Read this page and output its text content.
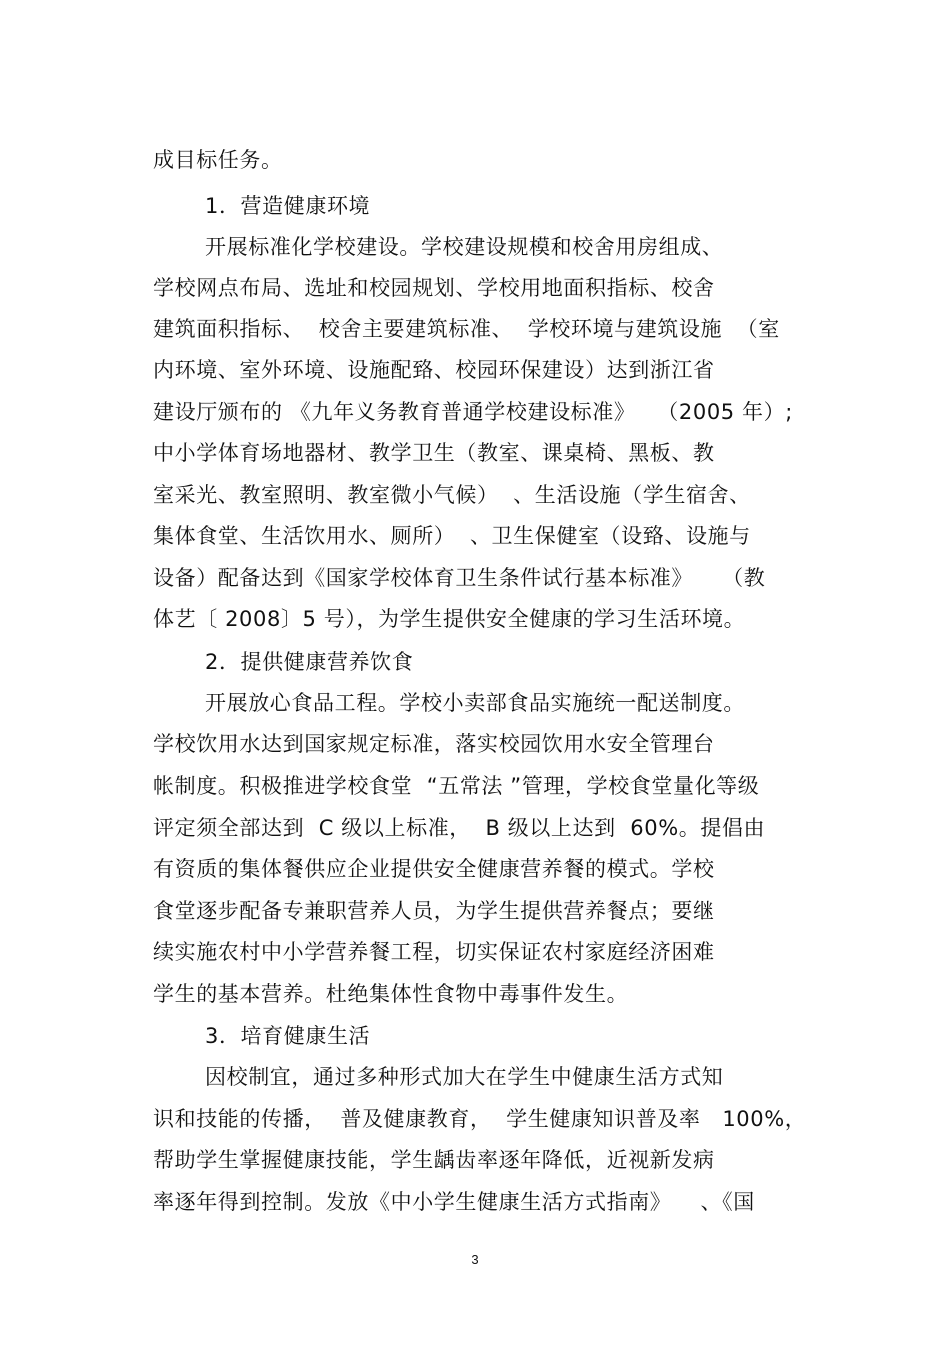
成目标任务。
1．营造健康环境
开展标准化学校建设。学校建设规模和校舍用房组成、
学校网点布局、选址和校园规划、学校用地面积指标、校舍
建筑面积指标、  校舍主要建筑标准、  学校环境与建筑设施  （室
内环境、室外环境、设施配臵、校园环保建设）达到浙江省
建设厅颁布的 《九年义务教育普通学校建设标准》   （2005 年）;
中小学体育场地器材、教学卫生（教室、课桌椅、黑板、教
室采光、教室照明、教室微小气候）  、生活设施（学生宿舍、
集体食堂、生活饮用水、厕所）  、卫生保健室（设臵、设施与
设备）配备达到《国家学校体育卫生条件试行基本标准》    （教
体艺〔 2008〕5 号），为学生提供安全健康的学习生活环境。
2．提供健康营养饮食
开展放心食品工程。学校小卖部食品实施统一配送制度。
学校饮用水达到国家规定标准，落实校园饮用水安全管理台
帐制度。积极推进学校食堂  “五常法 ”管理，学校食堂量化等级
评定须全部达到  C 级以上标准，  B 级以上达到  60%。提倡由
有资质的集体餐供应企业提供安全健康营养餐的模式。学校
食堂逐步配备专兼职营养人员，为学生提供营养餐点；要继
续实施农村中小学营养餐工程，切实保证农村家庭经济困难
学生的基本营养。杜绝集体性食物中毒事件发生。
3．培育健康生活
因校制宜，通过多种形式加大在学生中健康生活方式知
识和技能的传播，  普及健康教育，  学生健康知识普及率   100%，
帮助学生掌握健康技能，学生龋齿率逐年降低，近视新发病
率逐年得到控制。发放《中小学生健康生活方式指南》    、《国
3
